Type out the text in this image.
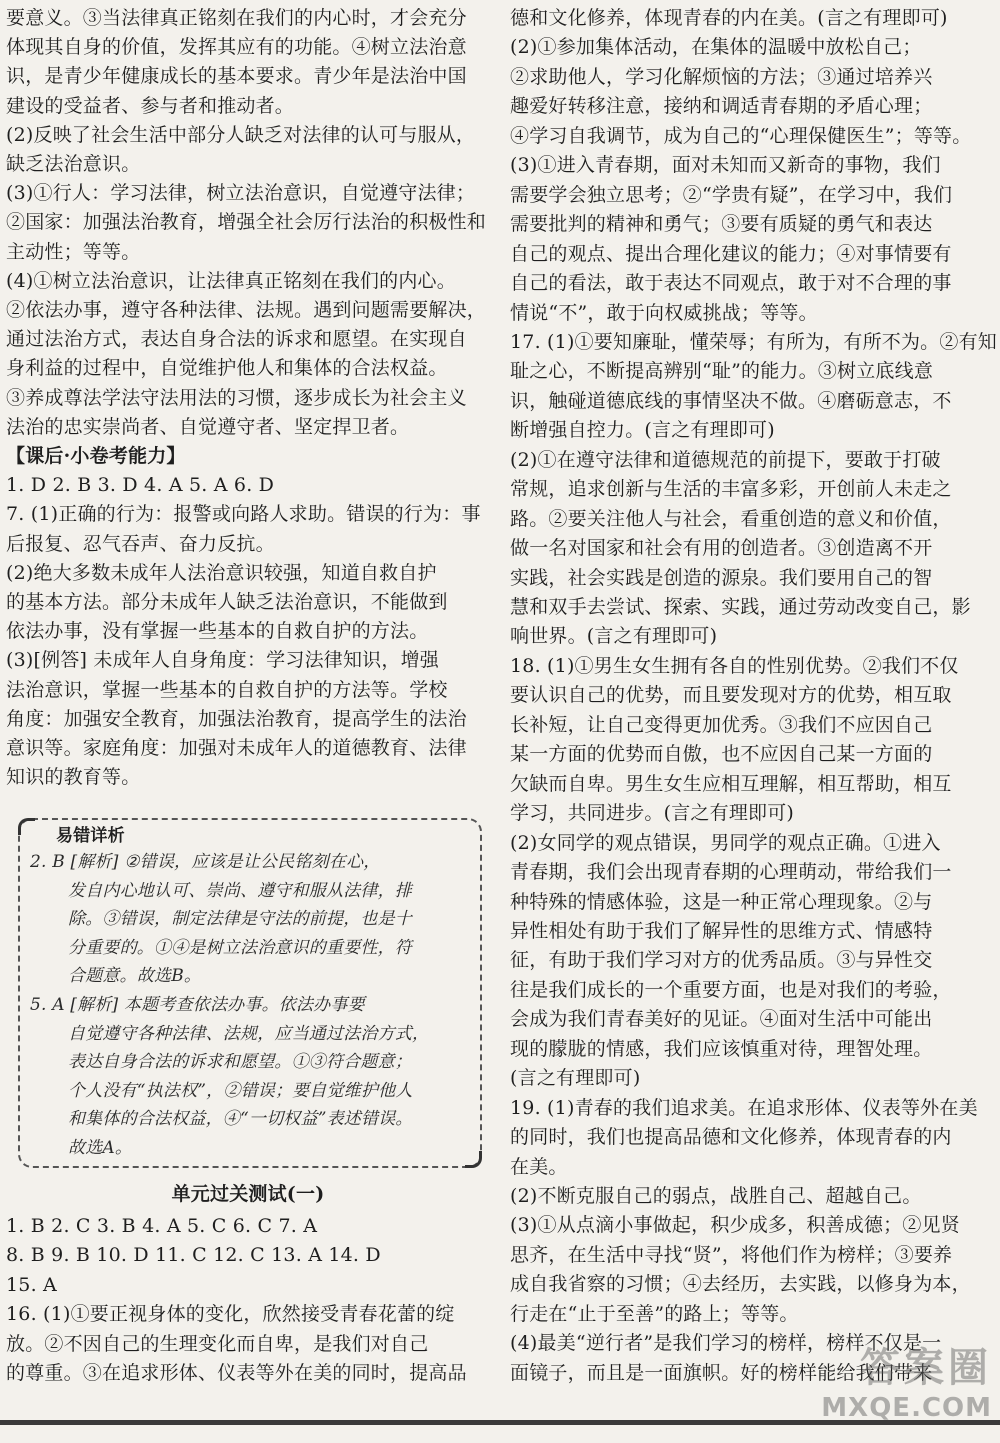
要意义。③当法律真正铭刻在我们的内心时，才会充分
体现其自身的价值，发挥其应有的功能。④树立法治意
识，是青少年健康成长的基本要求。青少年是法治中国
建设的受益者、参与者和推动者。
(2)反映了社会生活中部分人缺乏对法律的认可与服从，
缺乏法治意识。
(3)①行人：学习法律，树立法治意识，自觉遵守法律；
②国家：加强法治教育，增强全社会厉行法治的积极性和
主动性；等等。
(4)①树立法治意识，让法律真正铭刻在我们的内心。
②依法办事，遵守各种法律、法规。遇到问题需要解决，
通过法治方式，表达自身合法的诉求和愿望。在实现自
身利益的过程中，自觉维护他人和集体的合法权益。
③养成尊法学法守法用法的习惯，逐步成长为社会主义
法治的忠实崇尚者、自觉遵守者、坚定捍卫者。
【课后·小卷考能力】
1. D 2. B 3. D 4. A 5. A 6. D
7. (1)正确的行为：报警或向路人求助。错误的行为：事
后报复、忍气吞声、奋力反抗。
(2)绝大多数未成年人法治意识较强，知道自救自护
的基本方法。部分未成年人缺乏法治意识，不能做到
依法办事，没有掌握一些基本的自救自护的方法。
(3)[例答] 未成年人自身角度：学习法律知识，增强
法治意识，掌握一些基本的自救自护的方法等。学校
角度：加强安全教育，加强法治教育，提高学生的法治
意识等。家庭角度：加强对未成年人的道德教育、法律
知识的教育等。
单元过关测试(一)
1. B 2. C 3. B 4. A 5. C 6. C 7. A
8. B 9. B 10. D 11. C 12. C 13. A 14. D
15. A
16. (1)①要正视身体的变化，欣然接受青春花蕾的绽
放。②不因自己的生理变化而自卑，是我们对自己
的尊重。③在追求形体、仪表等外在美的同时，提高品
易错详析
2. B [解析] ②错误，应该是让公民铭刻在心，
发自内心地认可、崇尚、遵守和服从法律，排
除。③错误，制定法律是守法的前提，也是十
分重要的。①④是树立法治意识的重要性，符
合题意。故选B。
5. A [解析] 本题考查依法办事。依法办事要
自觉遵守各种法律、法规，应当通过法治方式，
表达自身合法的诉求和愿望。①③符合题意；
个人没有“执法权”，②错误；要自觉维护他人
和集体的合法权益，④“一切权益”表述错误。
故选A。
德和文化修养，体现青春的内在美。(言之有理即可)
(2)①参加集体活动，在集体的温暖中放松自己；
②求助他人，学习化解烦恼的方法；③通过培养兴
趣爱好转移注意，接纳和调适青春期的矛盾心理；
④学习自我调节，成为自己的“心理保健医生”；等等。
(3)①进入青春期，面对未知而又新奇的事物，我们
需要学会独立思考；②“学贵有疑”，在学习中，我们
需要批判的精神和勇气；③要有质疑的勇气和表达
自己的观点、提出合理化建议的能力；④对事情要有
自己的看法，敢于表达不同观点，敢于对不合理的事
情说“不”，敢于向权威挑战；等等。
17. (1)①要知廉耻，懂荣辱；有所为，有所不为。②有知
耻之心，不断提高辨别“耻”的能力。③树立底线意
识，触碰道德底线的事情坚决不做。④磨砺意志，不
断增强自控力。(言之有理即可)
(2)①在遵守法律和道德规范的前提下，要敢于打破
常规，追求创新与生活的丰富多彩，开创前人未走之
路。②要关注他人与社会，看重创造的意义和价值，
做一名对国家和社会有用的创造者。③创造离不开
实践，社会实践是创造的源泉。我们要用自己的智
慧和双手去尝试、探索、实践，通过劳动改变自己，影
响世界。(言之有理即可)
18. (1)①男生女生拥有各自的性别优势。②我们不仅
要认识自己的优势，而且要发现对方的优势，相互取
长补短，让自己变得更加优秀。③我们不应因自己
某一方面的优势而自傲，也不应因自己某一方面的
欠缺而自卑。男生女生应相互理解，相互帮助，相互
学习，共同进步。(言之有理即可)
(2)女同学的观点错误，男同学的观点正确。①进入
青春期，我们会出现青春期的心理萌动，带给我们一
种特殊的情感体验，这是一种正常心理现象。②与
异性相处有助于我们了解异性的思维方式、情感特
征，有助于我们学习对方的优秀品质。③与异性交
往是我们成长的一个重要方面，也是对我们的考验，
会成为我们青春美好的见证。④面对生活中可能出
现的朦胧的情感，我们应该慎重对待，理智处理。
(言之有理即可)
19. (1)青春的我们追求美。在追求形体、仪表等外在美
的同时，我们也提高品德和文化修养，体现青春的内
在美。
(2)不断克服自己的弱点，战胜自己、超越自己。
(3)①从点滴小事做起，积少成多，积善成德；②见贤
思齐，在生活中寻找“贤”，将他们作为榜样；③要养
成自我省察的习惯；④去经历，去实践，以修身为本，
行走在“止于至善”的路上；等等。
(4)最美“逆行者”是我们学习的榜样，榜样不仅是一
面镜子，而且是一面旗帜。好的榜样能给我们带来
答案圈
MXQE.COM
